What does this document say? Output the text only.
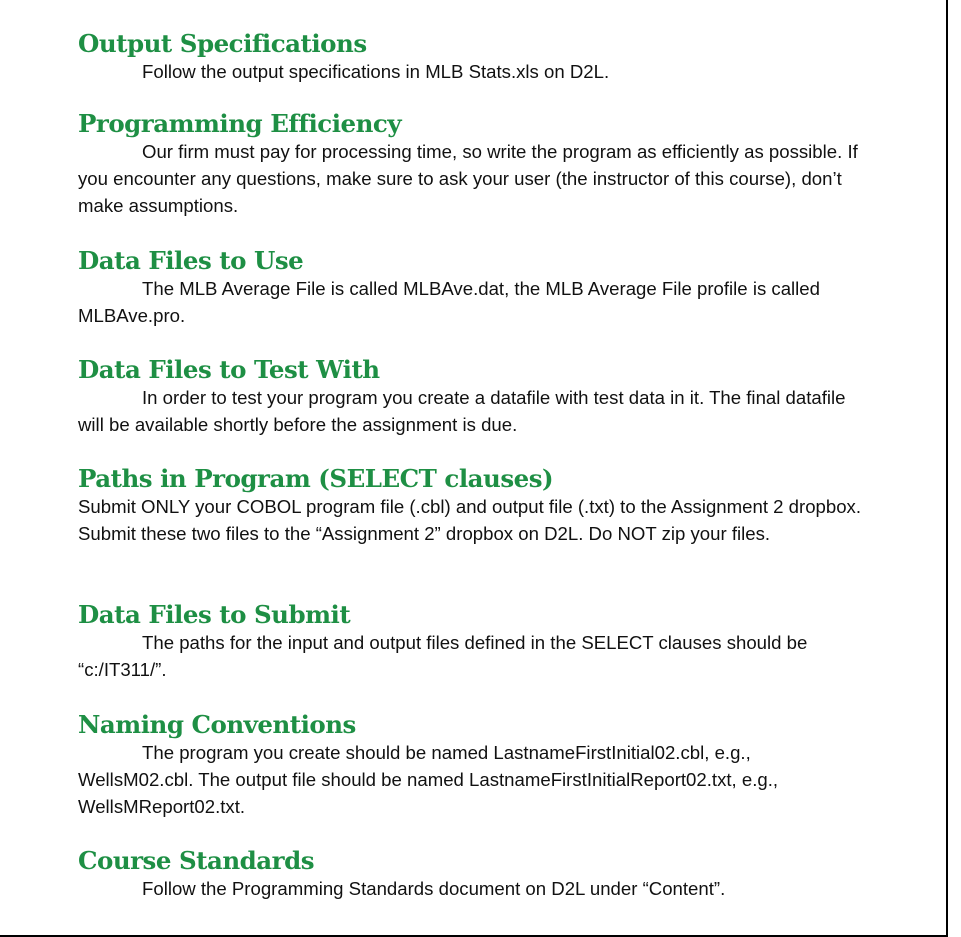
Output Specifications

Follow the output specifications in MLB Stats.xls on D2L.

Programming Efficiency

Our firm must pay for processing time, so write the program as efficiently as possible. If you encounter any questions, make sure to ask your user (the instructor of this course), don’t make assumptions.

Data Files to Use

The MLB Average File is called MLBAve.dat, the MLB Average File profile is called MLBAve.pro.

Data Files to Test With

In order to test your program you create a datafile with test data in it. The final datafile will be available shortly before the assignment is due.

Paths in Program (SELECT clauses)

Submit ONLY your COBOL program file (.cbl) and output file (.txt) to the Assignment 2 dropbox. Submit these two files to the “Assignment 2” dropbox on D2L. Do NOT zip your files.

Data Files to Submit

The paths for the input and output files defined in the SELECT clauses should be “c:/IT311/”.

Naming Conventions

The program you create should be named LastnameFirstInitial02.cbl, e.g., WellsM02.cbl. The output file should be named LastnameFirstInitialReport02.txt, e.g., WellsMReport02.txt.

Course Standards

Follow the Programming Standards document on D2L under “Content”.
